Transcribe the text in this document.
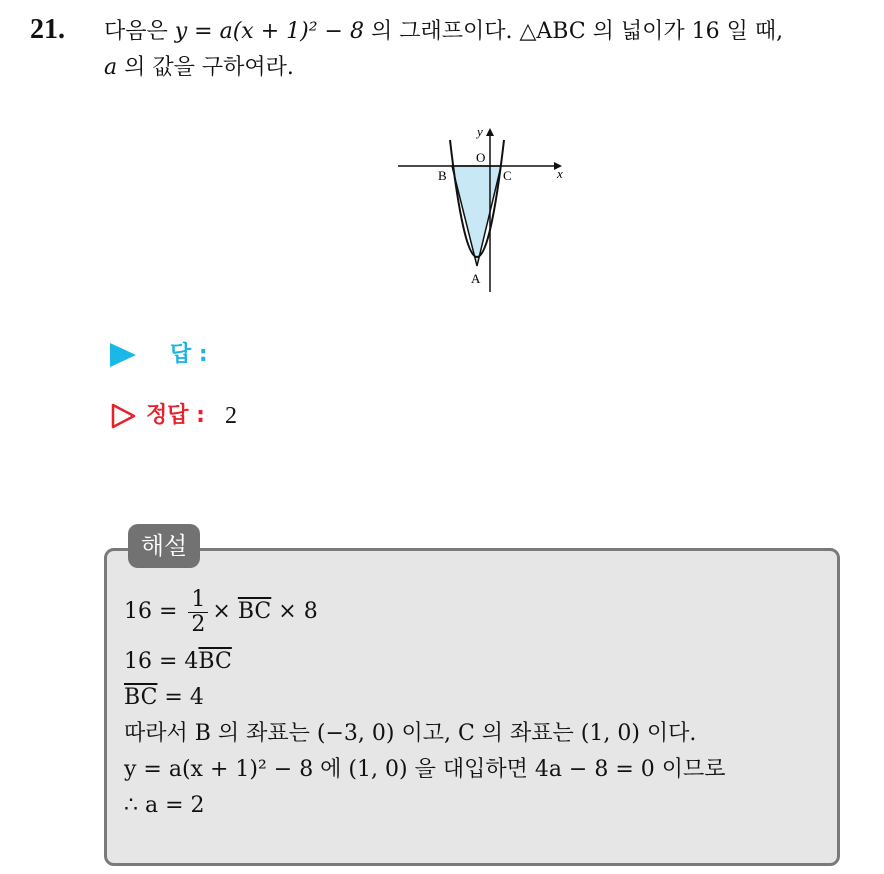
21. 다음은 y = a(x + 1)² − 8 의 그래프이다. △ABC 의 넓이가 16 일 때,
a 의 값을 구하여라.
y
x
O
B	C
A
답 :
정답 : 2
해설
$16 = \frac{1}{2} \times \overline{BC} \times 8$
$16 = 4\overline{BC}$
$\overline{BC} = 4$
따라서 B 의 좌표는 (−3, 0) 이고, C 의 좌표는 (1, 0) 이다.
y = a(x + 1)² − 8 에 (1, 0) 을 대입하면 4a − 8 = 0 이므로
∴ a = 2
